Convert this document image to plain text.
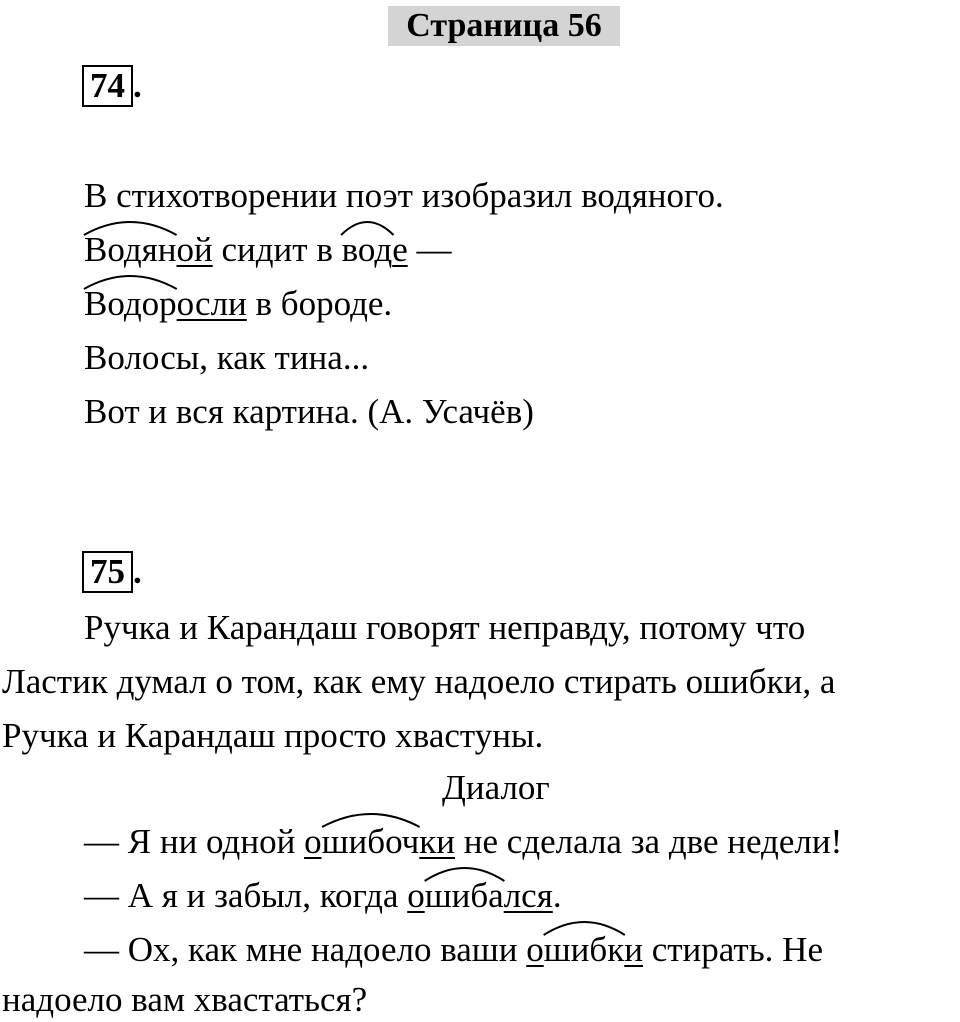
Страница 56
74 .
В стихотворении поэт изобразил водяного.
Водяной сидит в
воде —
Водоросли в бороде.
Волосы, как тина...
Вот и вся картина. (А. Усачёв)
75 .
Ручка и Карандаш говорят неправду, потому что
Ластик думал о том, как ему надоело стирать ошибки, а
Ручка и Карандаш просто хвастуны.
Диалог
— Я ни одной о
шибочки не сделала за две недели!
— А я и забыл, когда о
шибался.
— Ох, как мне надоело ваши о
шибки стирать. Не
надоело вам хвастаться?
